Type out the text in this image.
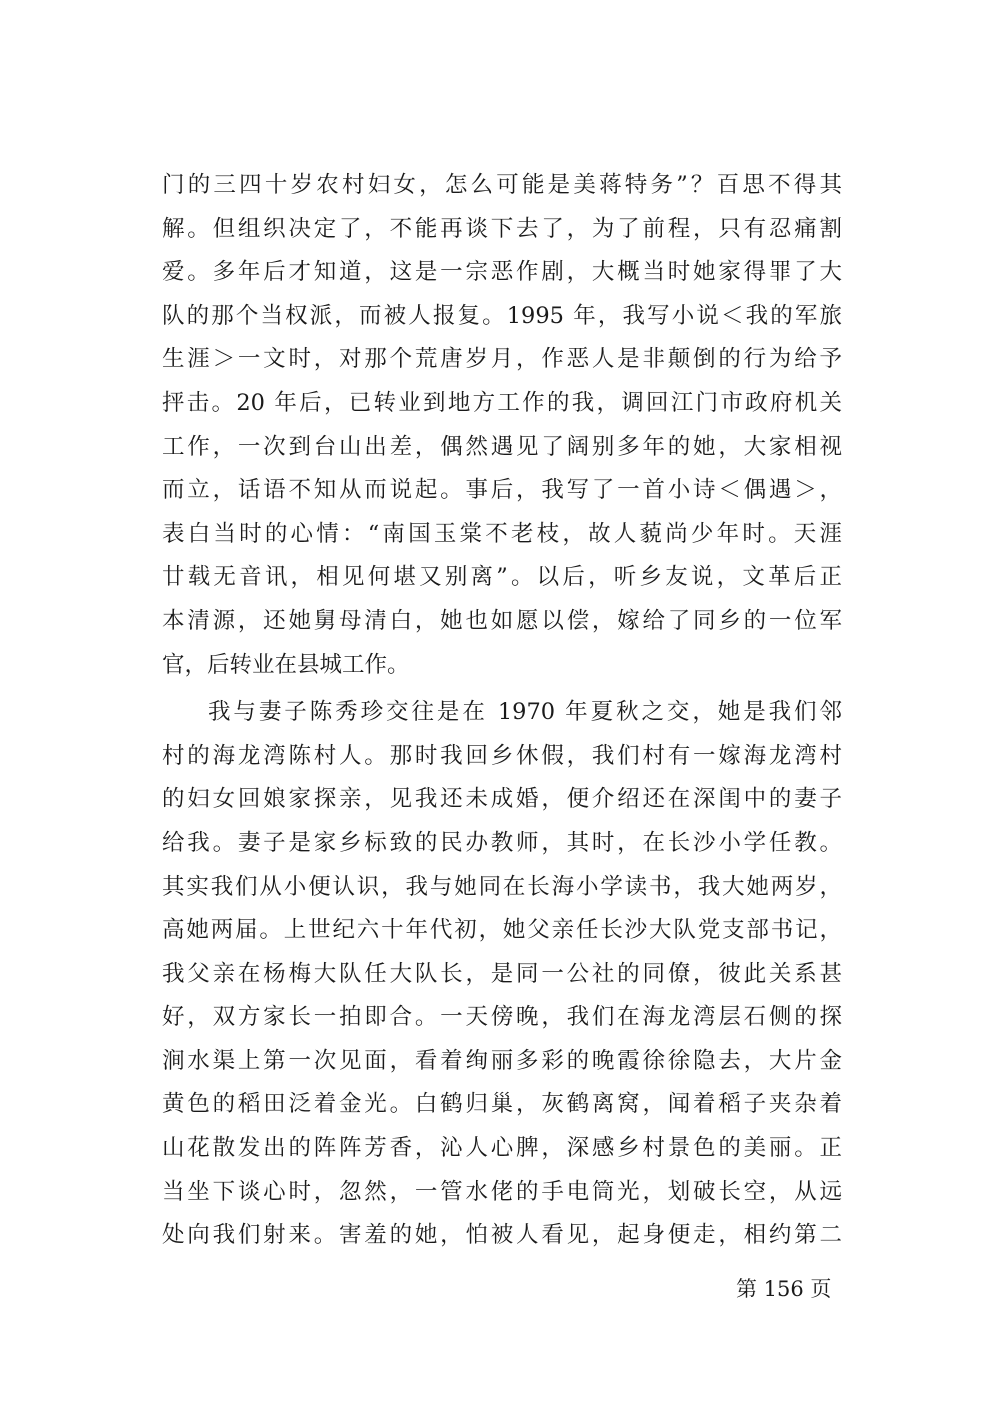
门的三四十岁农村妇女，怎么可能是美蒋特务”？百思不得其
解。但组织决定了，不能再谈下去了，为了前程，只有忍痛割
爱。多年后才知道，这是一宗恶作剧，大概当时她家得罪了大
队的那个当权派，而被人报复。1995 年，我写小说＜我的军旅
生涯＞一文时，对那个荒唐岁月，作恶人是非颠倒的行为给予
抨击。20 年后，已转业到地方工作的我，调回江门市政府机关
工作，一次到台山出差，偶然遇见了阔别多年的她，大家相视
而立，话语不知从而说起。事后，我写了一首小诗＜偶遇＞，
表白当时的心情：“南国玉棠不老枝，故人藐尚少年时。天涯
廿载无音讯，相见何堪又别离”。以后，听乡友说，文革后正
本清源，还她舅母清白，她也如愿以偿，嫁给了同乡的一位军
官，后转业在县城工作。
我与妻子陈秀珍交往是在 1970 年夏秋之交，她是我们邻
村的海龙湾陈村人。那时我回乡休假，我们村有一嫁海龙湾村
的妇女回娘家探亲，见我还未成婚，便介绍还在深闺中的妻子
给我。妻子是家乡标致的民办教师，其时，在长沙小学任教。
其实我们从小便认识，我与她同在长海小学读书，我大她两岁，
高她两届。上世纪六十年代初，她父亲任长沙大队党支部书记，
我父亲在杨梅大队任大队长，是同一公社的同僚，彼此关系甚
好，双方家长一拍即合。一天傍晚，我们在海龙湾层石侧的探
涧水渠上第一次见面，看着绚丽多彩的晚霞徐徐隐去，大片金
黄色的稻田泛着金光。白鹤归巢，灰鹤离窝，闻着稻子夹杂着
山花散发出的阵阵芳香，沁人心脾，深感乡村景色的美丽。正
当坐下谈心时，忽然，一管水佬的手电筒光，划破长空，从远
处向我们射来。害羞的她，怕被人看见，起身便走，相约第二
第 156 页
